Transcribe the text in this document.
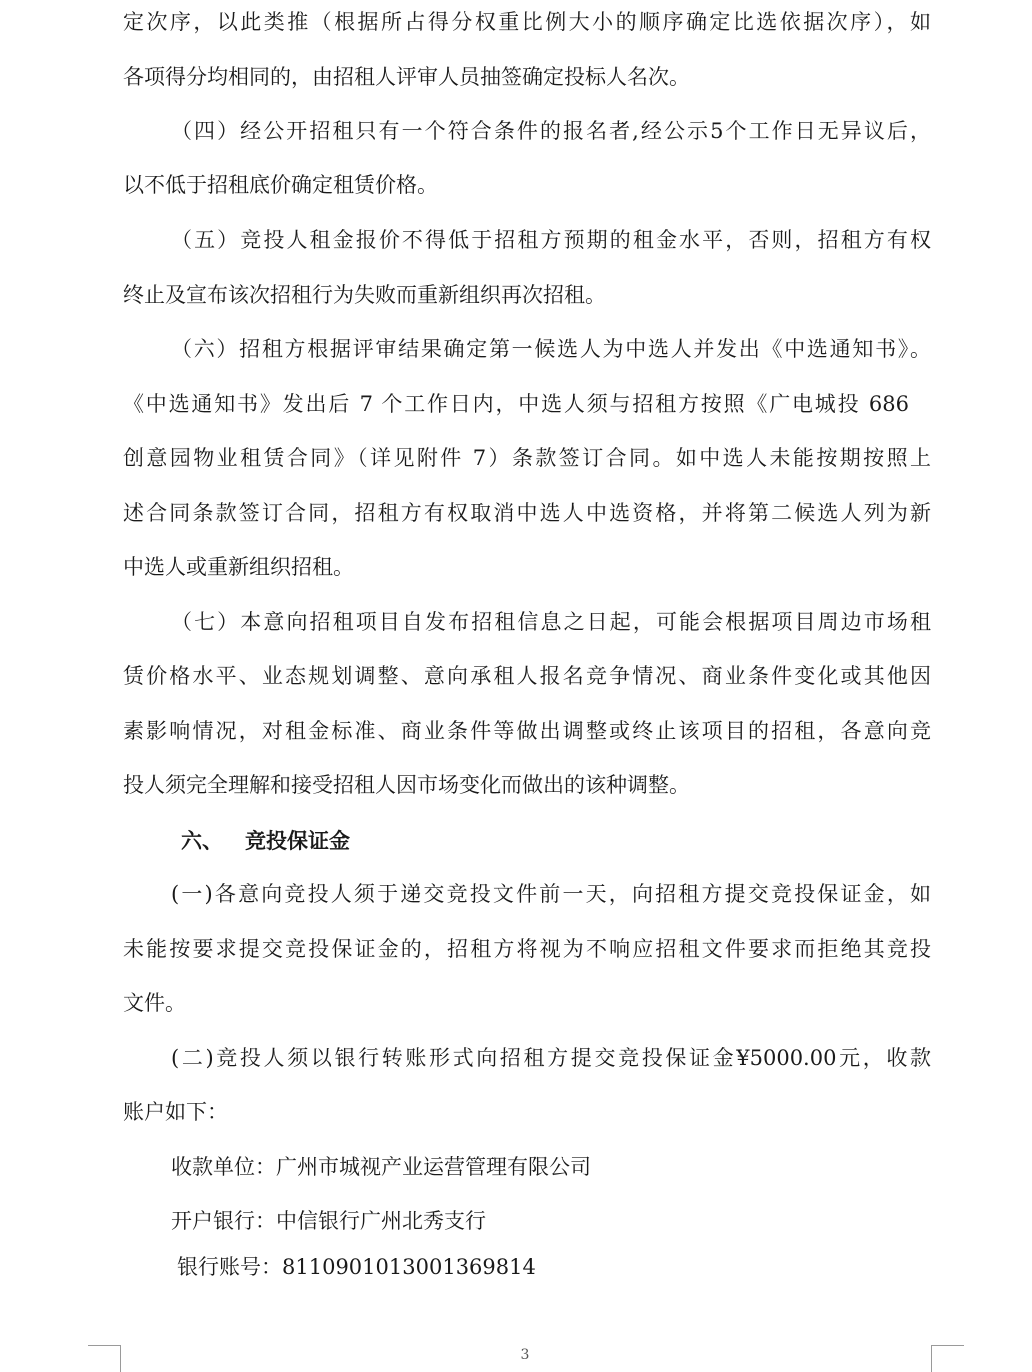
定次序，以此类推（根据所占得分权重比例大小的顺序确定比选依据次序），如
各项得分均相同的，由招租人评审人员抽签确定投标人名次。
（四）经公开招租只有一个符合条件的报名者,经公示5个工作日无异议后，
以不低于招租底价确定租赁价格。
（五）竞投人租金报价不得低于招租方预期的租金水平，否则，招租方有权
终止及宣布该次招租行为失败而重新组织再次招租。
（六）招租方根据评审结果确定第一候选人为中选人并发出《中选通知书》。
《中选通知书》发出后 7 个工作日内，中选人须与招租方按照《广电城投 686
创意园物业租赁合同》（详见附件 7）条款签订合同。如中选人未能按期按照上
述合同条款签订合同，招租方有权取消中选人中选资格，并将第二候选人列为新
中选人或重新组织招租。
（七）本意向招租项目自发布招租信息之日起，可能会根据项目周边市场租
赁价格水平、业态规划调整、意向承租人报名竞争情况、商业条件变化或其他因
素影响情况，对租金标准、商业条件等做出调整或终止该项目的招租，各意向竞
投人须完全理解和接受招租人因市场变化而做出的该种调整。
六、 竞投保证金
(一)各意向竞投人须于递交竞投文件前一天，向招租方提交竞投保证金，如
未能按要求提交竞投保证金的，招租方将视为不响应招租文件要求而拒绝其竞投
文件。
(二)竞投人须以银行转账形式向招租方提交竞投保证金¥5000.00元，收款
账户如下：
收款单位：广州市城视产业运营管理有限公司
开户银行：中信银行广州北秀支行
银行账号：8110901013001369814
3
